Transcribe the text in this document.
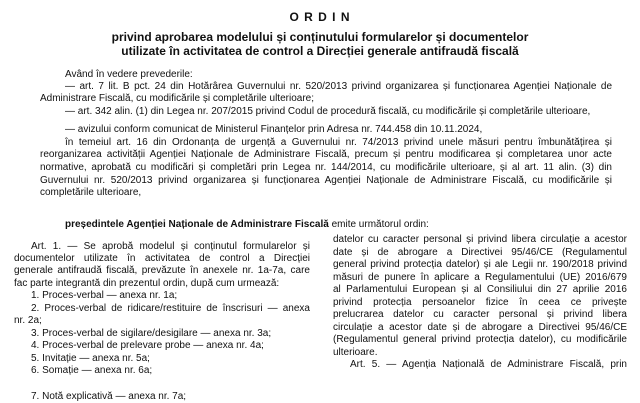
O R D I N
privind aprobarea modelului și conținutului formularelor și documentelor
utilizate în activitatea de control a Direcției generale antifraudă fiscală
Având în vedere prevederile:
— art. 7 lit. B pct. 24 din Hotărârea Guvernului nr. 520/2013 privind organizarea și funcționarea Agenției Naționale de
Administrare Fiscală, cu modificările și completările ulterioare;
— art. 342 alin. (1) din Legea nr. 207/2015 privind Codul de procedură fiscală, cu modificările și completările ulterioare,
— avizului conform comunicat de Ministerul Finanțelor prin Adresa nr. 744.458 din 10.11.2024,
în temeiul art. 16 din Ordonanța de urgență a Guvernului nr. 74/2013 privind unele măsuri pentru îmbunătățirea și
reorganizarea activității Agenției Naționale de Administrare Fiscală, precum și pentru modificarea și completarea unor acte
normative, aprobată cu modificări și completări prin Legea nr. 144/2014, cu modificările ulterioare, și al art. 11 alin. (3) din
Guvernului nr. 520/2013 privind organizarea și funcționarea Agenției Naționale de Administrare Fiscală, cu modificările și
completările ulterioare,
președintele Agenției Naționale de Administrare Fiscală emite următorul ordin:
Art. 1. — Se aprobă modelul și conținutul formularelor și
documentelor utilizate în activitatea de control a Direcției
generale antifraudă fiscală, prevăzute în anexele nr. 1a-7a, care
fac parte integrantă din prezentul ordin, după cum urmează:
1. Proces-verbal — anexa nr. 1a;
2. Proces-verbal de ridicare/restituire de înscrisuri — anexa
nr. 2a;
3. Proces-verbal de sigilare/desigilare — anexa nr. 3a;
4. Proces-verbal de prelevare probe — anexa nr. 4a;
5. Invitație — anexa nr. 5a;
6. Somație — anexa nr. 6a;
7. Notă explicativă — anexa nr. 7a;
datelor cu caracter personal și privind libera circulație a acestor
date și de abrogare a Directivei 95/46/CE (Regulamentul
general privind protecția datelor) și ale Legii nr. 190/2018 privind
măsuri de punere în aplicare a Regulamentului (UE) 2016/679
al Parlamentului European și al Consiliului din 27 aprilie 2016
privind protecția persoanelor fizice în ceea ce privește
prelucrarea datelor cu caracter personal și privind libera
circulație a acestor date și de abrogare a Directivei 95/46/CE
(Regulamentul general privind protecția datelor), cu modificările
ulterioare.
Art. 5. — Agenția Națională de Administrare Fiscală, prin
